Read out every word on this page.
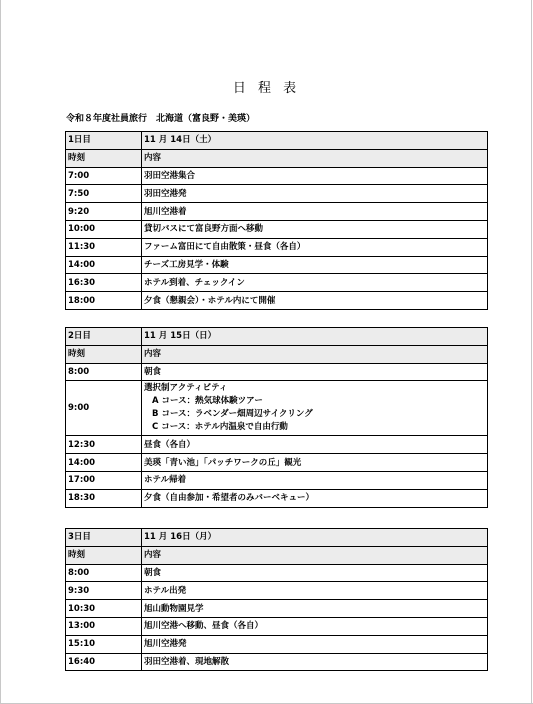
日 程 表
令和８年度社員旅行　北海道（富良野・美瑛）
1日目	11 月 14日（土）
時刻	内容
7:00	羽田空港集合
7:50	羽田空港発
9:20	旭川空港着
10:00	貸切バスにて富良野方面へ移動
11:30	ファーム富田にて自由散策・昼食（各自）
14:00	チーズ工房見学・体験
16:30	ホテル到着、チェックイン
18:00	夕食（懇親会）・ホテル内にて開催
2日目	11 月 15日（日）
時刻	内容
8:00	朝食
9:00	選択制アクティビティ
A コース：熱気球体験ツアー
B コース：ラベンダー畑周辺サイクリング
C コース：ホテル内温泉で自由行動

12:30	昼食（各自）
14:00	美瑛「青い池」「パッチワークの丘」観光
17:00	ホテル帰着
18:30	夕食（自由参加・希望者のみバーベキュー）
3日目	11 月 16日（月）
時刻	内容
8:00	朝食
9:30	ホテル出発
10:30	旭山動物園見学
13:00	旭川空港へ移動、昼食（各自）
15:10	旭川空港発
16:40	羽田空港着、現地解散
